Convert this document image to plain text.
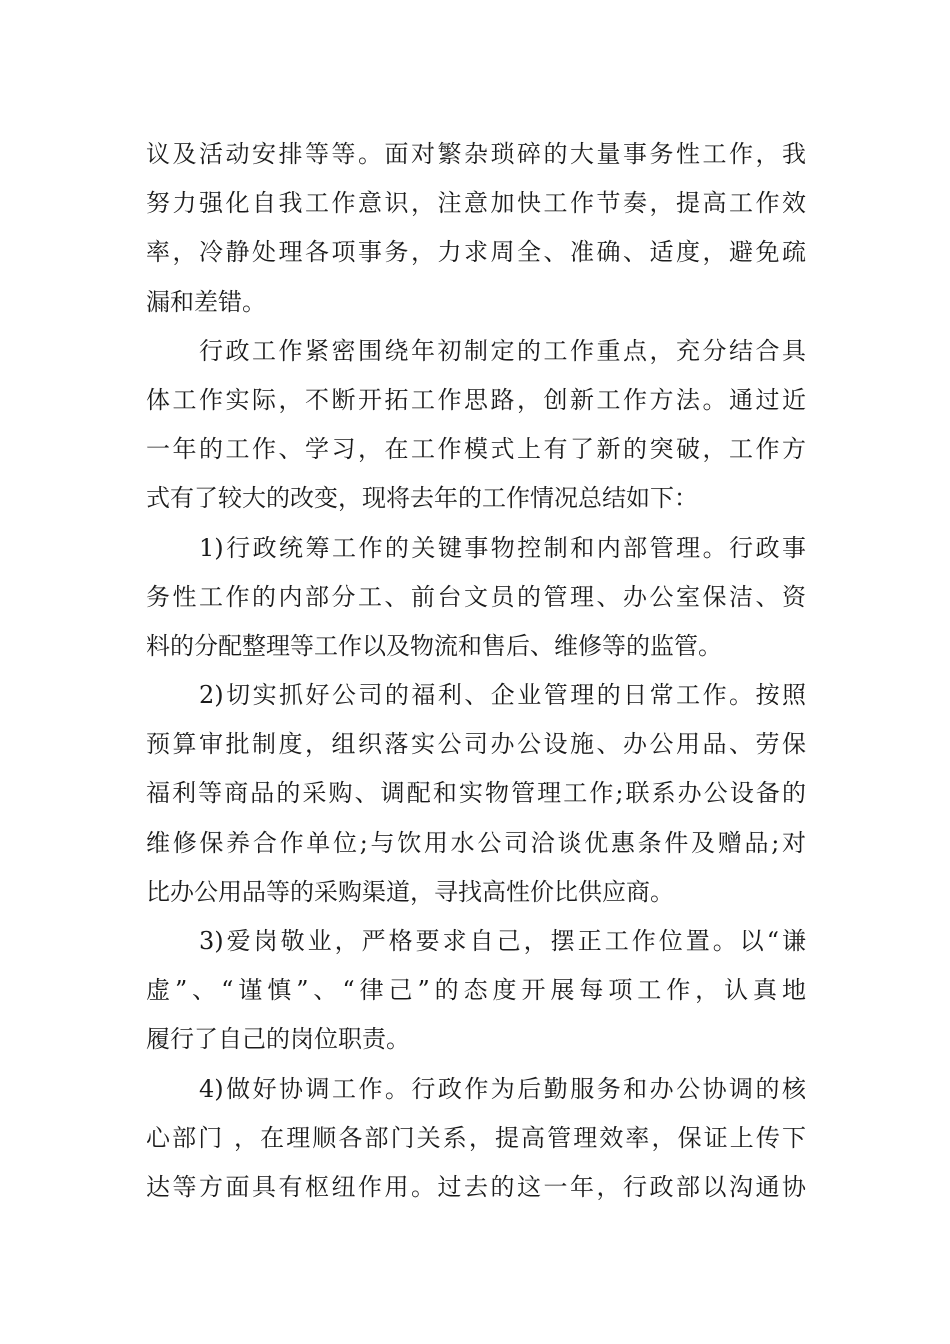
议及活动安排等等。面对繁杂琐碎的大量事务性工作，我
努力强化自我工作意识，注意加快工作节奏，提高工作效
率，冷静处理各项事务，力求周全、准确、适度，避免疏
漏和差错。
行政工作紧密围绕年初制定的工作重点，充分结合具
体工作实际，不断开拓工作思路，创新工作方法。通过近
一年的工作、学习，在工作模式上有了新的突破，工作方
式有了较大的改变，现将去年的工作情况总结如下：
1)行政统筹工作的关键事物控制和内部管理。行政事
务性工作的内部分工、前台文员的管理、办公室保洁、资
料的分配整理等工作以及物流和售后、维修等的监管。
2)切实抓好公司的福利、企业管理的日常工作。按照
预算审批制度，组织落实公司办公设施、办公用品、劳保
福利等商品的采购、调配和实物管理工作;联系办公设备的
维修保养合作单位;与饮用水公司洽谈优惠条件及赠品;对
比办公用品等的采购渠道，寻找高性价比供应商。
3)爱岗敬业，严格要求自己，摆正工作位置。以“谦
虚”、“谨慎”、“律己”的态度开展每项工作，认真地
履行了自己的岗位职责。
4)做好协调工作。行政作为后勤服务和办公协调的核
心部门 ，在理顺各部门关系，提高管理效率，保证上传下
达等方面具有枢纽作用。过去的这一年，行政部以沟通协
